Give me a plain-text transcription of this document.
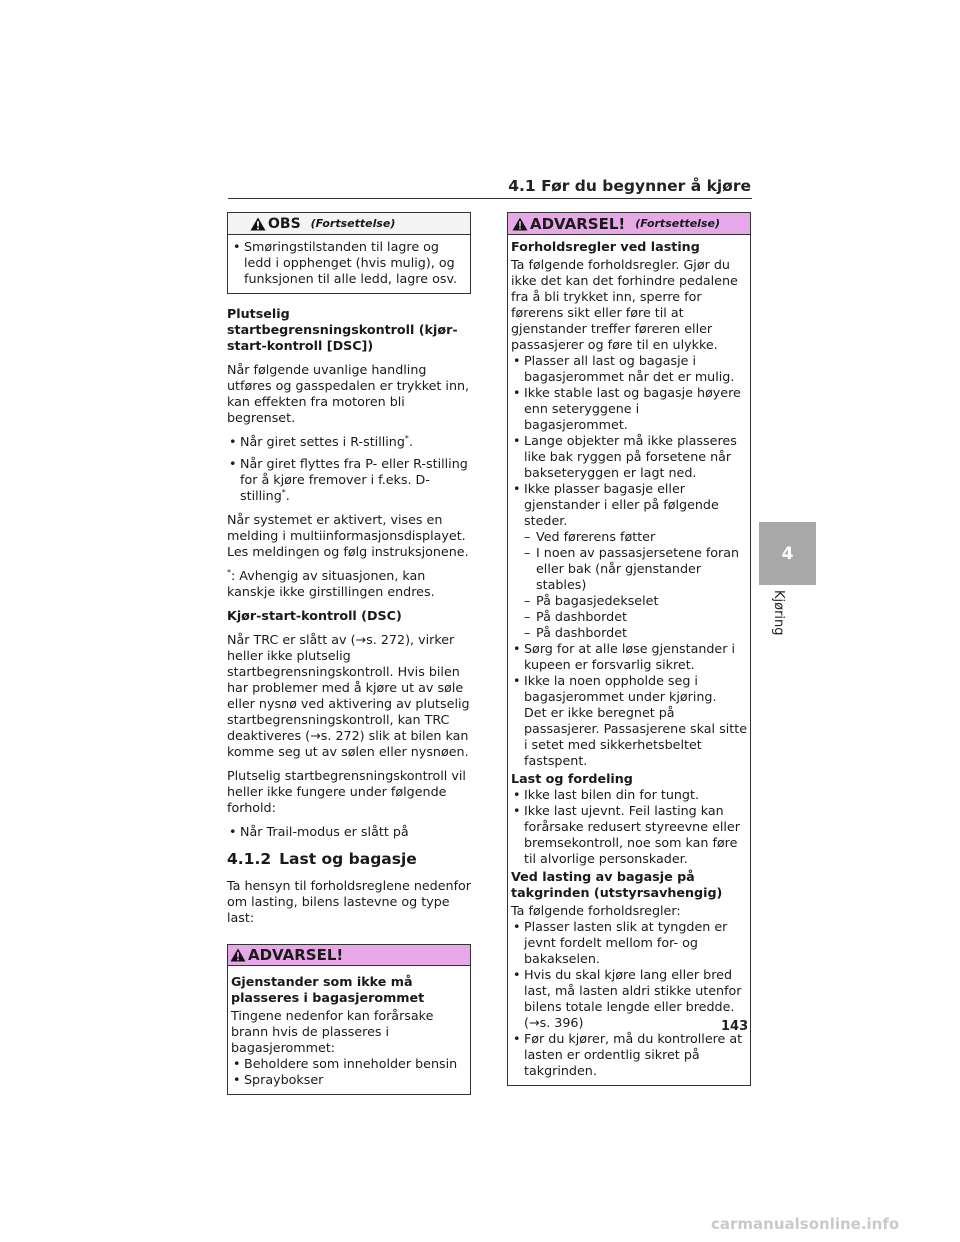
4.1 Før du begynner å kjøre
OBS (Fortsettelse)
• Smøringstilstanden til lagre og ledd i opphenget (hvis mulig), og funksjonen til alle ledd, lagre osv.

Plutselig startbegrensningskontroll (kjør-start-kontroll [DSC])

Når følgende uvanlige handling utføres og gasspedalen er trykket inn, kan effekten fra motoren bli begrenset.

• Når giret settes i R-stilling*.
• Når giret flyttes fra P- eller R-stilling for å kjøre fremover i f.eks. D-stilling*.

Når systemet er aktivert, vises en melding i multiinformasjonsdisplayet. Les meldingen og følg instruksjonene.

*: Avhengig av situasjonen, kan kanskje ikke girstillingen endres.

Kjør-start-kontroll (DSC)

Når TRC er slått av (→s. 272), virker heller ikke plutselig startbegrensningskontroll. Hvis bilen har problemer med å kjøre ut av søle eller nysnø ved aktivering av plutselig startbegrensningskontroll, kan TRC deaktiveres (→s. 272) slik at bilen kan komme seg ut av sølen eller nysnøen.

Plutselig startbegrensningskontroll vil heller ikke fungere under følgende forhold:

• Når Trail-modus er slått på
4.1.2 Last og bagasje

Ta hensyn til forholdsreglene nedenfor om lasting, bilens lastevne og type last:

ADVARSEL!

Gjenstander som ikke må plasseres i bagasjerommet

Tingene nedenfor kan forårsake brann hvis de plasseres i bagasjerommet:

• Beholdere som inneholder bensin
• Spraybokser
ADVARSEL! (Fortsettelse)

Forholdsregler ved lasting

Ta følgende forholdsregler. Gjør du ikke det kan det forhindre pedalene fra å bli trykket inn, sperre for førerens sikt eller føre til at gjenstander treffer føreren eller passasjerer og føre til en ulykke.

• Plasser all last og bagasje i bagasjerommet når det er mulig.
• Ikke stable last og bagasje høyere enn seteryggene i bagasjerommet.
• Lange objekter må ikke plasseres like bak ryggen på forsetene når bakseteryggen er lagt ned.
• Ikke plasser bagasje eller gjenstander i eller på følgende steder.
– Ved førerens føtter
– I noen av passasjersetene foran eller bak (når gjenstander stables)
– På bagasjedekselet
– På dashbordet
– På dashbordet
• Sørg for at alle løse gjenstander i kupeen er forsvarlig sikret.
• Ikke la noen oppholde seg i bagasjerommet under kjøring.
Det er ikke beregnet på passasjerer. Passasjerene skal sitte i setet med sikkerhetsbeltet fastspent.

Last og fordeling

• Ikke last bilen din for tungt.
• Ikke last ujevnt. Feil lasting kan forårsake redusert styreevne eller bremsekontroll, noe som kan føre til alvorlige personskader.

Ved lasting av bagasje på takgrinden (utstyrsavhengig)

Ta følgende forholdsregler:

• Plasser lasten slik at tyngden er jevnt fordelt mellom for- og bakakselen.
• Hvis du skal kjøre lang eller bred last, må lasten aldri stikke utenfor bilens totale lengde eller bredde. (→s. 396)
• Før du kjører, må du kontrollere at lasten er ordentlig sikret på takgrinden.
4
Kjøring
143
carmanualsonline.info
